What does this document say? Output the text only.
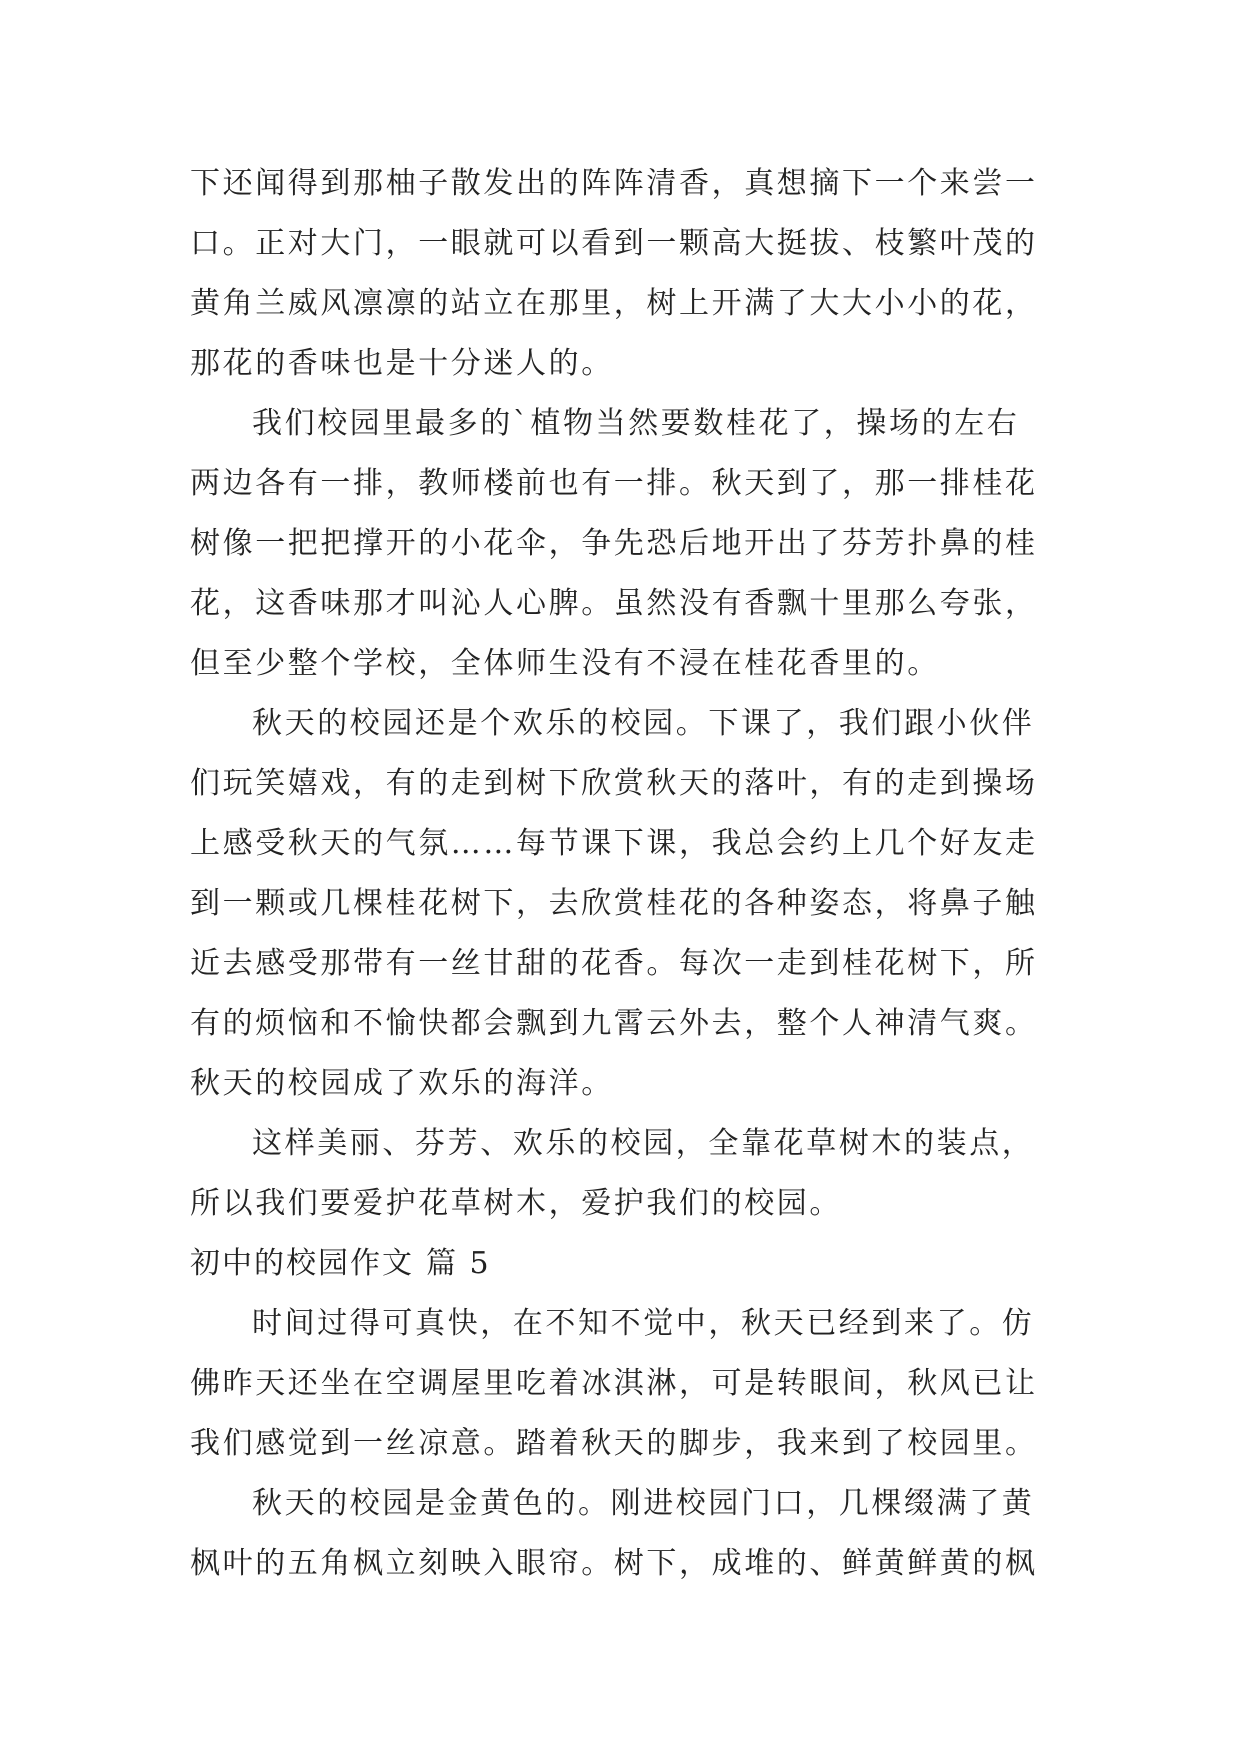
下还闻得到那柚子散发出的阵阵清香，真想摘下一个来尝一
口。正对大门，一眼就可以看到一颗高大挺拔、枝繁叶茂的
黄角兰威风凛凛的站立在那里，树上开满了大大小小的花，
那花的香味也是十分迷人的。
我们校园里最多的`植物当然要数桂花了，操场的左右
两边各有一排，教师楼前也有一排。秋天到了，那一排桂花
树像一把把撑开的小花伞，争先恐后地开出了芬芳扑鼻的桂
花，这香味那才叫沁人心脾。虽然没有香飘十里那么夸张，
但至少整个学校，全体师生没有不浸在桂花香里的。
秋天的校园还是个欢乐的校园。下课了，我们跟小伙伴
们玩笑嬉戏，有的走到树下欣赏秋天的落叶，有的走到操场
上感受秋天的气氛……每节课下课，我总会约上几个好友走
到一颗或几棵桂花树下，去欣赏桂花的各种姿态，将鼻子触
近去感受那带有一丝甘甜的花香。每次一走到桂花树下，所
有的烦恼和不愉快都会飘到九霄云外去，整个人神清气爽。
秋天的校园成了欢乐的海洋。
这样美丽、芬芳、欢乐的校园，全靠花草树木的装点，
所以我们要爱护花草树木，爱护我们的校园。
初中的校园作文 篇 5
时间过得可真快，在不知不觉中，秋天已经到来了。仿
佛昨天还坐在空调屋里吃着冰淇淋，可是转眼间，秋风已让
我们感觉到一丝凉意。踏着秋天的脚步，我来到了校园里。
秋天的校园是金黄色的。刚进校园门口，几棵缀满了黄
枫叶的五角枫立刻映入眼帘。树下，成堆的、鲜黄鲜黄的枫
